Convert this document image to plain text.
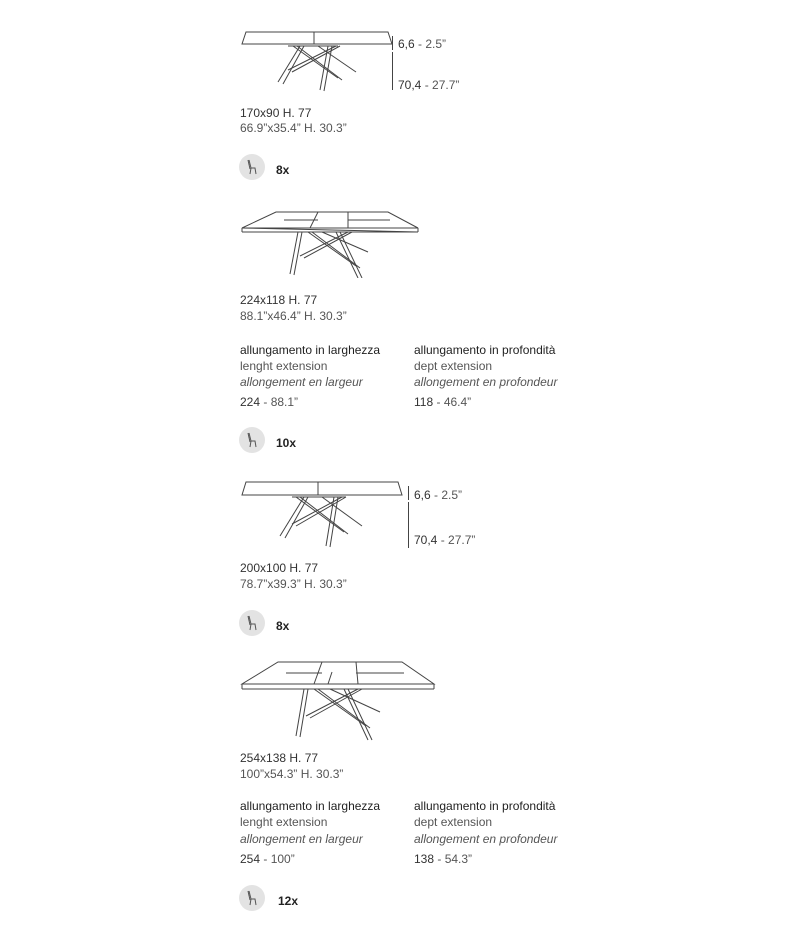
6,6 - 2.5”
70,4 - 27.7”
170x90 H. 77
66.9”x35.4” H. 30.3”
8x
224x118 H. 77
88.1”x46.4” H. 30.3”
allungamento in larghezza
lenght extension
allongement en largeur
224 - 88.1”
allungamento in profondità
dept extension
allongement en profondeur
118 - 46.4”
10x
6,6 - 2.5”
70,4 - 27.7”
200x100 H. 77
78.7”x39.3” H. 30.3”
8x
254x138 H. 77
100”x54.3” H. 30.3”
allungamento in larghezza
lenght extension
allongement en largeur
254 - 100”
allungamento in profondità
dept extension
allongement en profondeur
138 - 54.3”
12x
